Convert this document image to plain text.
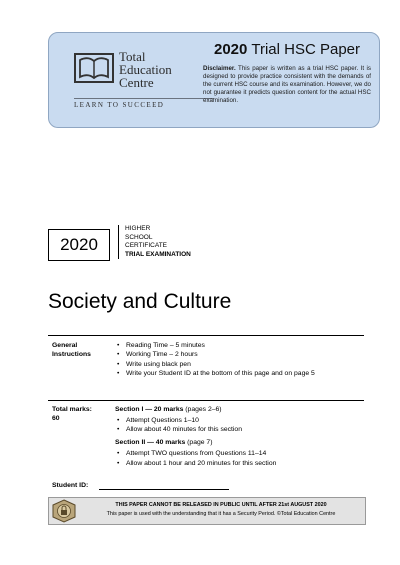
Total
Education
Centre
LEARN TO SUCCEED
2020 Trial HSC Paper
Disclaimer. This paper is written as a trial HSC paper. It is designed to provide practice consistent with the demands of the current HSC course and its examination. However, we do not guarantee it predicts question content for the actual HSC examination.
2020
HIGHER
SCHOOL
CERTIFICATE
TRIAL EXAMINATION
Society and Culture
General
Instructions
• Reading Time – 5 minutes
• Working Time – 2 hours
• Write using black pen
• Write your Student ID at the bottom of this page and on page 5
Total marks:
60
Section I — 20 marks (pages 2–6)
• Attempt Questions 1–10
• Allow about 40 minutes for this section
Section II — 40 marks (page 7)
• Attempt TWO questions from Questions 11–14
• Allow about 1 hour and 20 minutes for this section
Student ID:
THIS PAPER CANNOT BE RELEASED IN PUBLIC UNTIL AFTER 21st AUGUST 2020
This paper is used with the understanding that it has a Security Period. ©Total Education Centre
